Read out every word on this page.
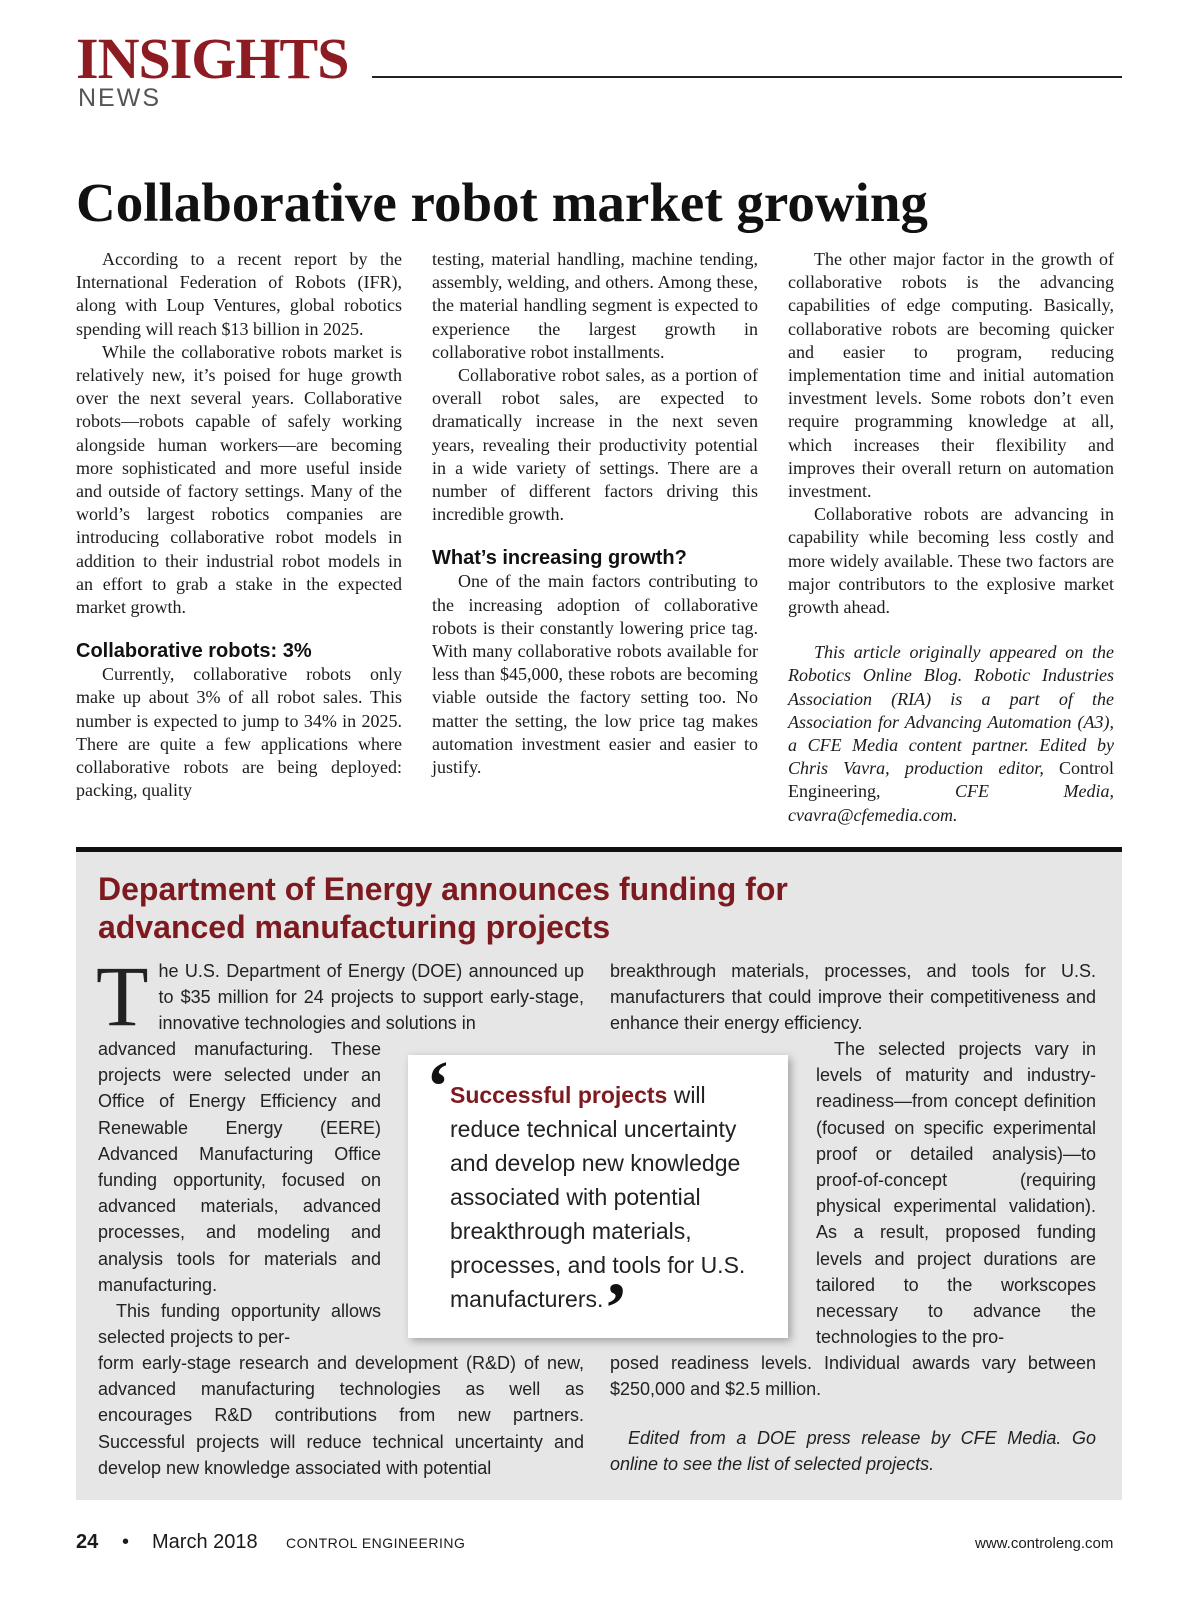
INSIGHTS
NEWS
Collaborative robot market growing

According to a recent report by the International Federation of Robots (IFR), along with Loup Ventures, global robotics spending will reach $13 billion in 2025.

While the collaborative robots market is relatively new, it’s poised for huge growth over the next several years. Collaborative robots—robots capable of safely working alongside human workers—are becoming more sophisticated and more useful inside and outside of factory settings. Many of the world’s largest robotics companies are introducing collaborative robot models in addition to their industrial robot models in an effort to grab a stake in the expected market growth.

Collaborative robots: 3%

Currently, collaborative robots only make up about 3% of all robot sales. This number is expected to jump to 34% in 2025. There are quite a few applications where collaborative robots are being deployed: packing, quality

testing, material handling, machine tending, assembly, welding, and others. Among these, the material handling segment is expected to experience the largest growth in collaborative robot installments.

Collaborative robot sales, as a portion of overall robot sales, are expected to dramatically increase in the next seven years, revealing their productivity potential in a wide variety of settings. There are a number of different factors driving this incredible growth.

What’s increasing growth?

One of the main factors contributing to the increasing adoption of collaborative robots is their constantly lowering price tag. With many collaborative robots available for less than $45,000, these robots are becoming viable outside the factory setting too. No matter the setting, the low price tag makes automation investment easier and easier to justify.

The other major factor in the growth of collaborative robots is the advancing capabilities of edge computing. Basically, collaborative robots are becoming quicker and easier to program, reducing implementation time and initial automation investment levels. Some robots don’t even require programming knowledge at all, which increases their flexibility and improves their overall return on automation investment.

Collaborative robots are advancing in capability while becoming less costly and more widely available. These two factors are major contributors to the explosive market growth ahead.

This article originally appeared on the Robotics Online Blog. Robotic Industries Association (RIA) is a part of the Association for Advancing Automation (A3), a CFE Media content partner. Edited by Chris Vavra, production editor, Control Engineering,	CFE Media, cvavra@cfemedia.com.

Department of Energy announces funding for advanced manufacturing projects

The U.S. Department of Energy (DOE) announced up to $35 million for 24 projects to support early-stage, innovative technologies and solutions in

advanced manufacturing. These projects were selected under an Office of Energy Efficiency and Renewable Energy (EERE) Advanced Manufacturing Office funding opportunity, focused on advanced materials, advanced processes, and modeling and analysis tools for materials and manufacturing.

This funding opportunity allows selected projects to per-

form early-stage research and development (R&D) of new, advanced manufacturing technologies as well as encourages R&D contributions from new partners. Successful projects will reduce technical uncertainty and develop new knowledge associated with potential

breakthrough materials, processes, and tools for U.S. manufacturers that could improve their competitiveness and enhance their energy efficiency.

The selected projects vary in levels of maturity and industry-readiness—from concept definition (focused on specific experimental proof or detailed analysis)—to proof-of-concept (requiring physical experimental validation). As a result, proposed funding levels and project durations are tailored to the workscopes necessary to advance the technologies to the pro-

posed readiness levels. Individual awards vary between $250,000 and $2.5 million.

Edited from a DOE press release by CFE Media. Go online to see the list of selected projects.

‘ Successful projects will reduce technical uncertainty and develop new knowledge associated with potential breakthrough materials, processes, and tools for U.S. manufacturers. ’
24 • March 2018 CONTROL ENGINEERING	www.controleng.com
